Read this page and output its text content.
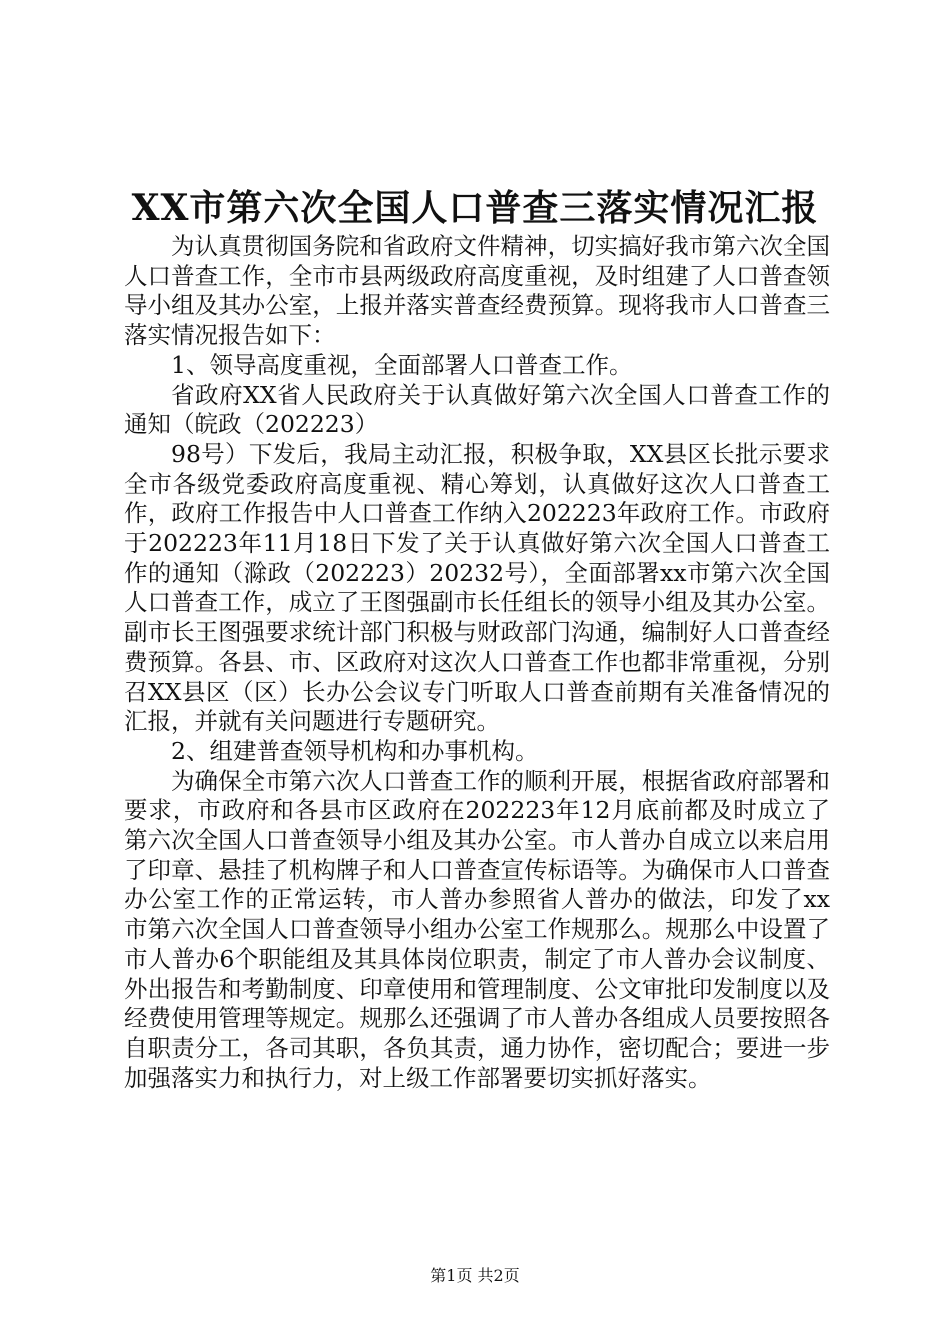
XX市第六次全国人口普查三落实情况汇报

为认真贯彻国务院和省政府文件精神，切实搞好我市第六次全国人口普查工作，全市市县两级政府高度重视，及时组建了人口普查领导小组及其办公室，上报并落实普查经费预算。现将我市人口普查三落实情况报告如下：

1、领导高度重视，全面部署人口普查工作。

省政府XX省人民政府关于认真做好第六次全国人口普查工作的通知（皖政（202223）

98号）下发后，我局主动汇报，积极争取，XX县区长批示要求全市各级党委政府高度重视、精心筹划，认真做好这次人口普查工作，政府工作报告中人口普查工作纳入202223年政府工作。市政府于202223年11月18日下发了关于认真做好第六次全国人口普查工作的通知（滁政（202223）20232号），全面部署xx市第六次全国人口普查工作，成立了王图强副市长任组长的领导小组及其办公室。副市长王图强要求统计部门积极与财政部门沟通，编制好人口普查经费预算。各县、市、区政府对这次人口普查工作也都非常重视，分别召XX县区（区）长办公会议专门听取人口普查前期有关准备情况的汇报，并就有关问题进行专题研究。

2、组建普查领导机构和办事机构。

为确保全市第六次人口普查工作的顺利开展，根据省政府部署和要求，市政府和各县市区政府在202223年12月底前都及时成立了第六次全国人口普查领导小组及其办公室。市人普办自成立以来启用了印章、悬挂了机构牌子和人口普查宣传标语等。为确保市人口普查办公室工作的正常运转，市人普办参照省人普办的做法，印发了xx市第六次全国人口普查领导小组办公室工作规那么。规那么中设置了市人普办6个职能组及其具体岗位职责，制定了市人普办会议制度、外出报告和考勤制度、印章使用和管理制度、公文审批印发制度以及经费使用管理等规定。规那么还强调了市人普办各组成人员要按照各自职责分工，各司其职，各负其责，通力协作，密切配合；要进一步加强落实力和执行力，对上级工作部署要切实抓好落实。

第1页 共2页
